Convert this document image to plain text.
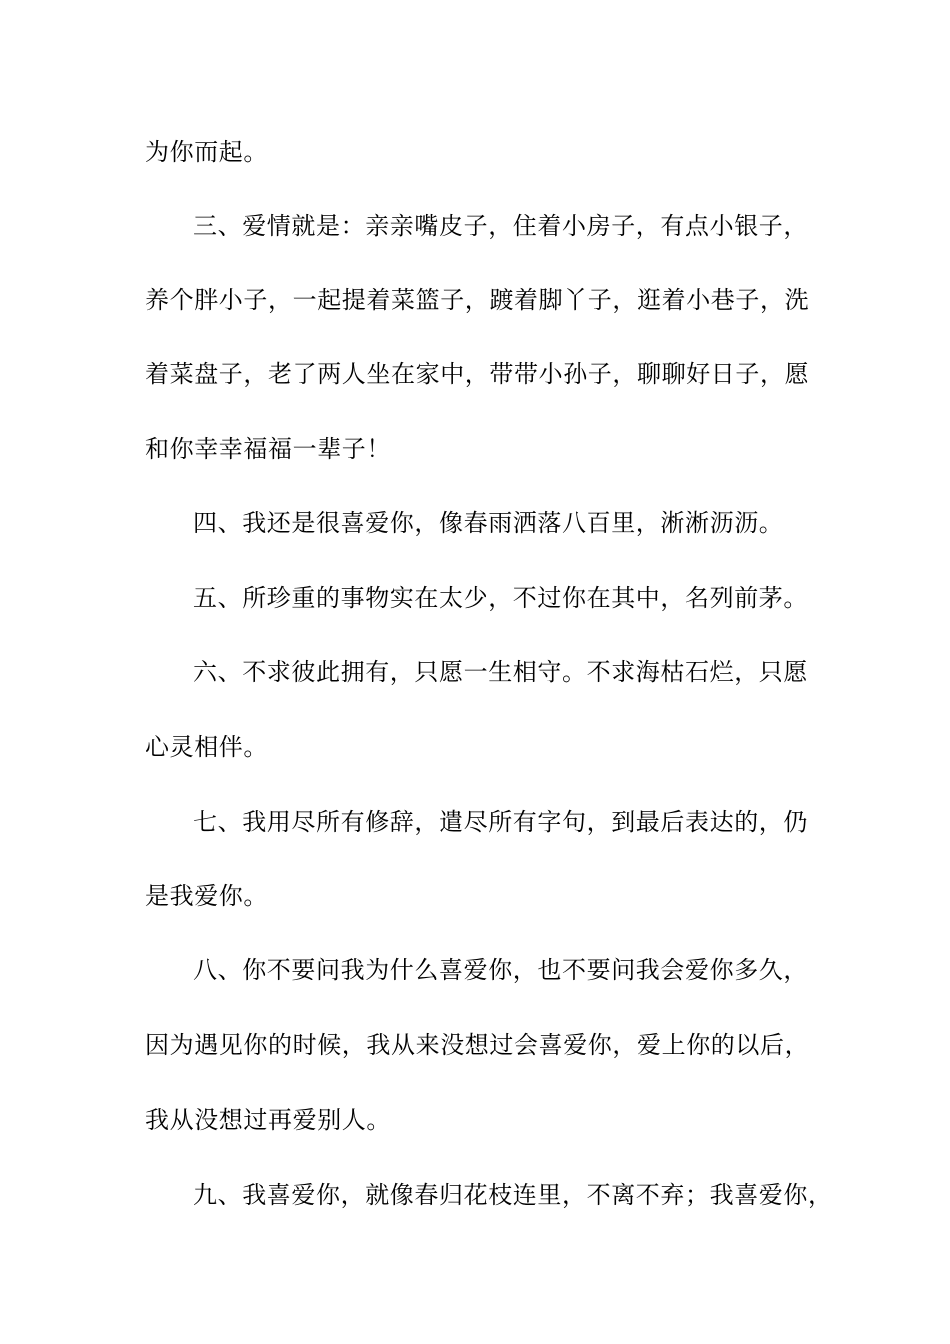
为你而起。
三、爱情就是：亲亲嘴皮子，住着小房子，有点小银子，
养个胖小子，一起提着菜篮子，踱着脚丫子，逛着小巷子，洗
着菜盘子，老了两人坐在家中，带带小孙子，聊聊好日子，愿
和你幸幸福福一辈子！
四、我还是很喜爱你，像春雨洒落八百里，淅淅沥沥。
五、所珍重的事物实在太少，不过你在其中，名列前茅。
六、不求彼此拥有，只愿一生相守。不求海枯石烂，只愿
心灵相伴。
七、我用尽所有修辞，遣尽所有字句，到最后表达的，仍
是我爱你。
八、你不要问我为什么喜爱你，也不要问我会爱你多久，
因为遇见你的时候，我从来没想过会喜爱你，爱上你的以后，
我从没想过再爱别人。
九、我喜爱你，就像春归花枝连里，不离不弃；我喜爱你，
